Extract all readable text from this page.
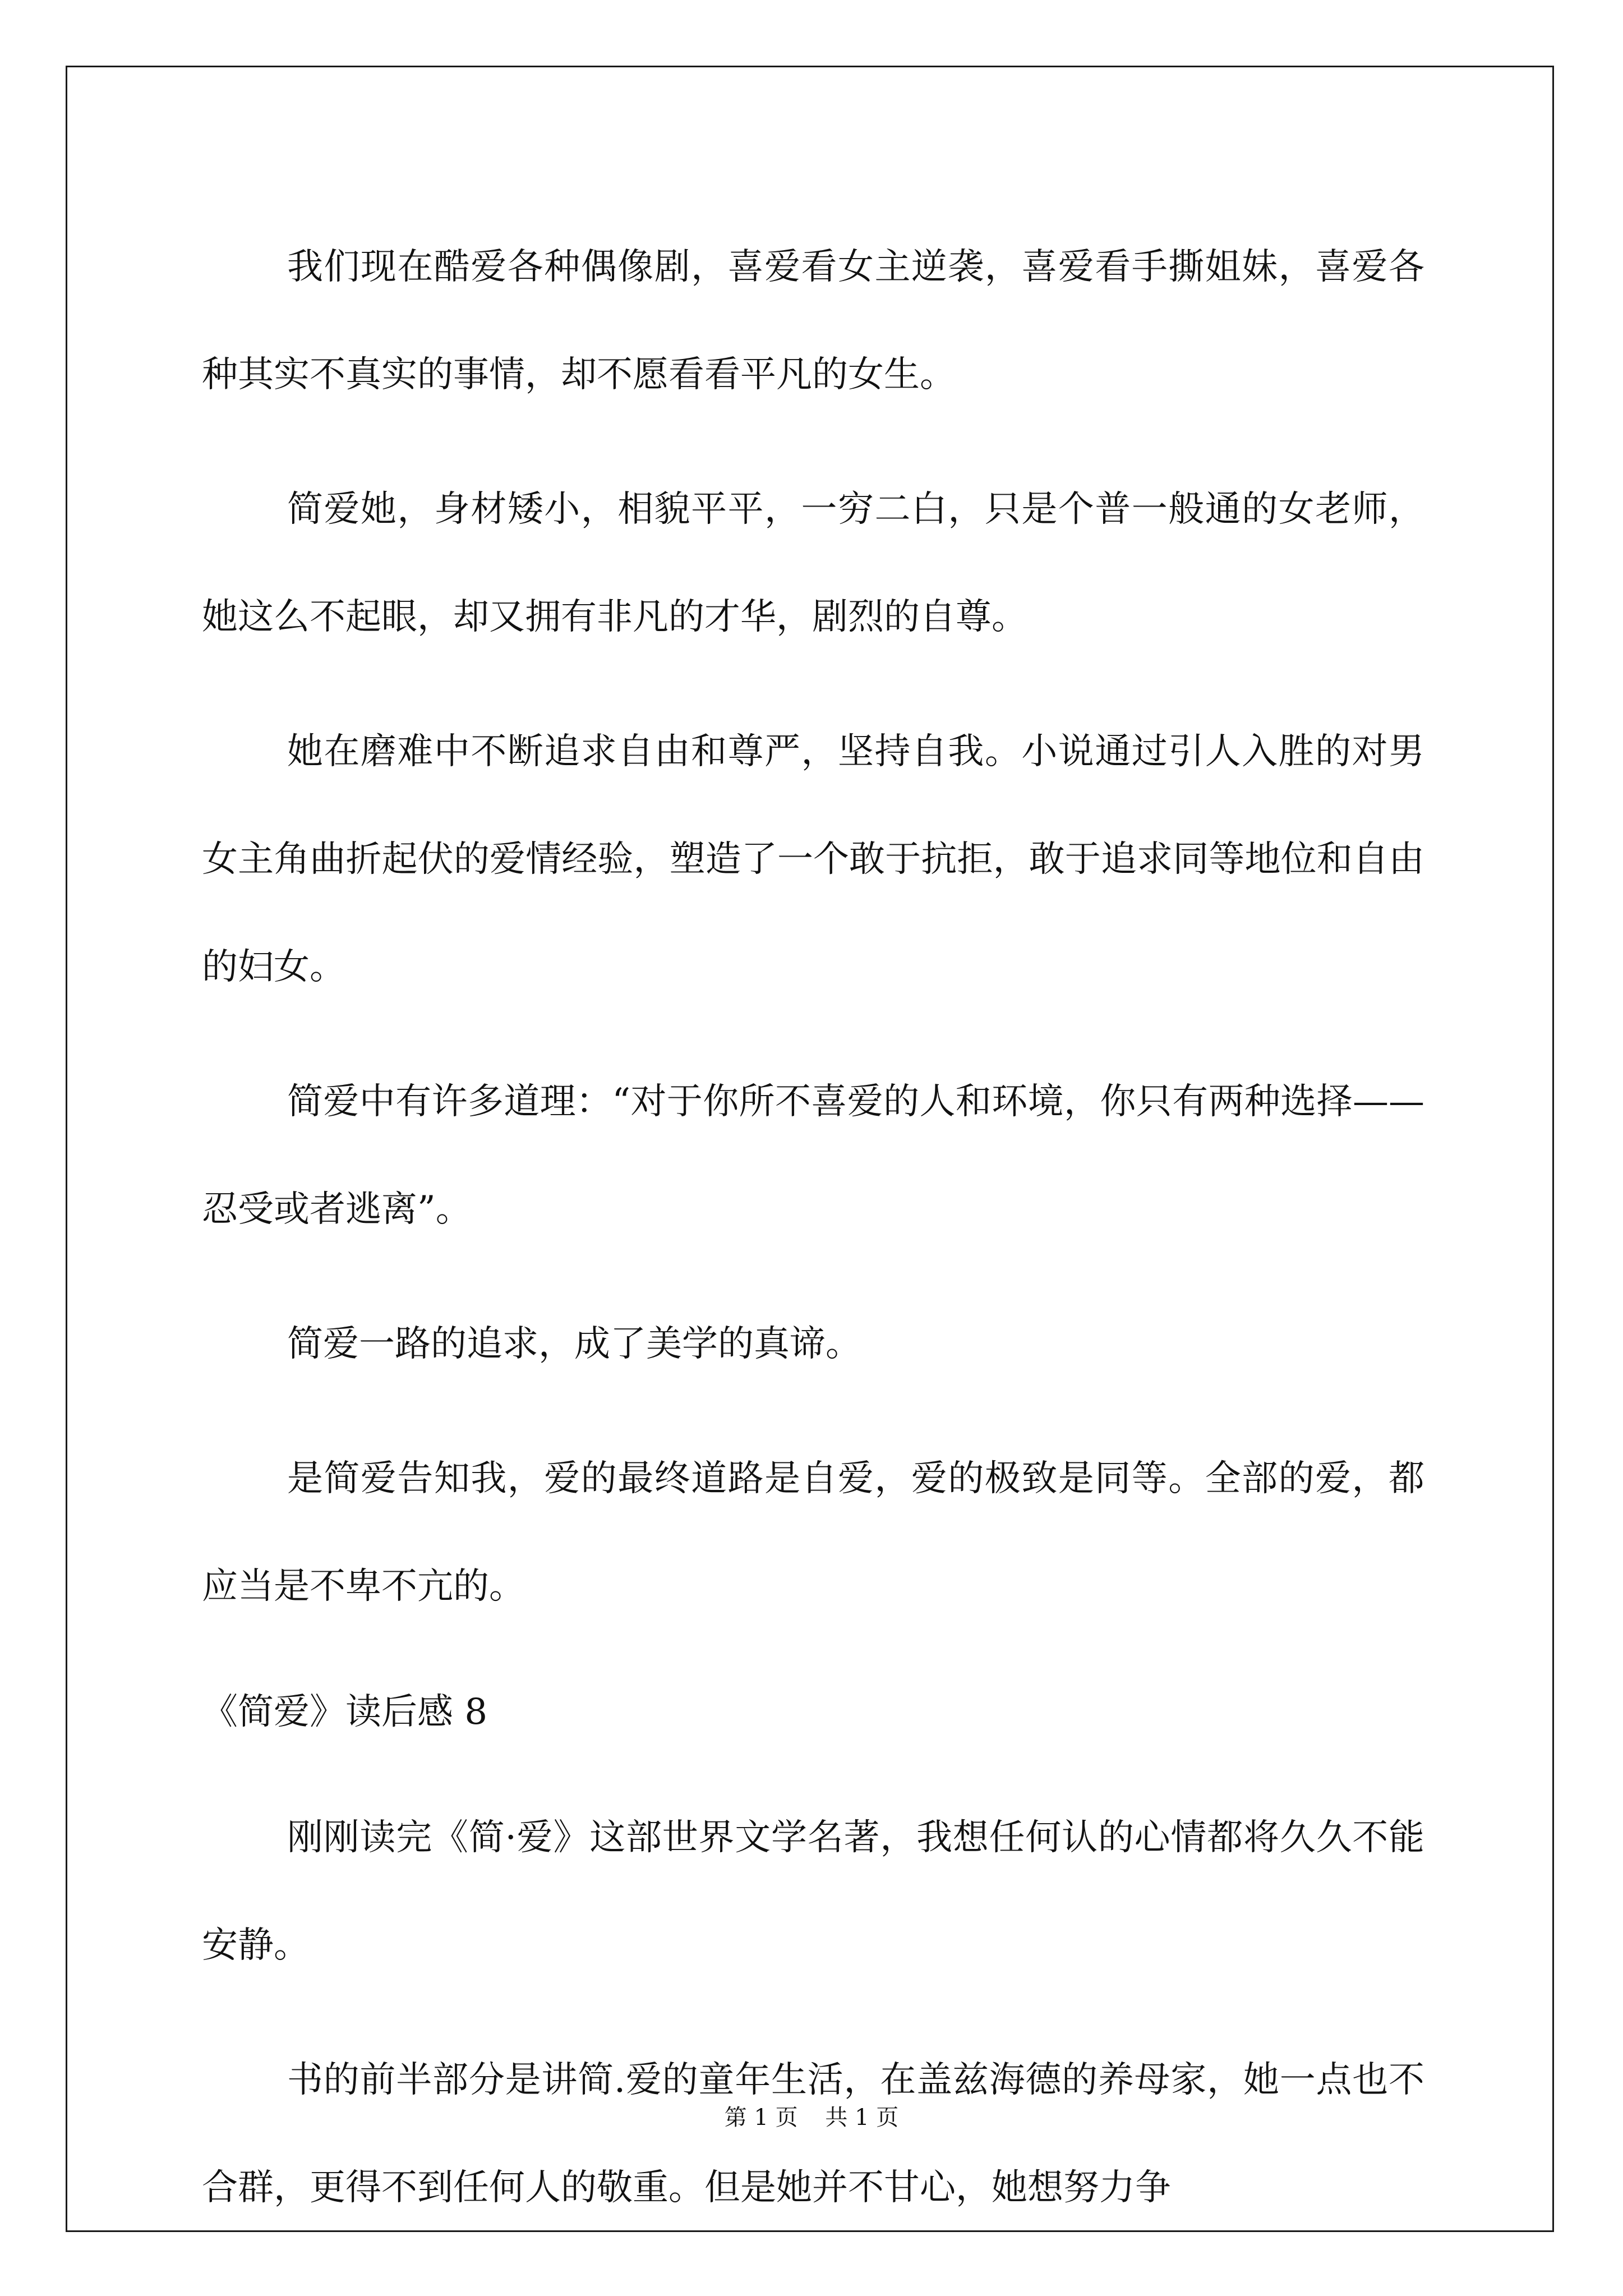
我们现在酷爱各种偶像剧，喜爱看女主逆袭，喜爱看手撕姐妹，喜爱各种其实不真实的事情，却不愿看看平凡的女生。

简爱她，身材矮小，相貌平平，一穷二白，只是个普一般通的女老师，她这么不起眼，却又拥有非凡的才华，剧烈的自尊。

她在磨难中不断追求自由和尊严，坚持自我。小说通过引人入胜的对男女主角曲折起伏的爱情经验，塑造了一个敢于抗拒，敢于追求同等地位和自由的妇女。

简爱中有许多道理：“对于你所不喜爱的人和环境，你只有两种选择——忍受或者逃离”。

简爱一路的追求，成了美学的真谛。

是简爱告知我，爱的最终道路是自爱，爱的极致是同等。全部的爱，都应当是不卑不亢的。

《简爱》读后感 8

刚刚读完《简·爱》这部世界文学名著，我想任何认的心情都将久久不能安静。

书的前半部分是讲简.爱的童年生活，在盖兹海德的养母家，她一点也不合群，更得不到任何人的敬重。但是她并不甘心，她想努力争

第 1 页 共 1 页
